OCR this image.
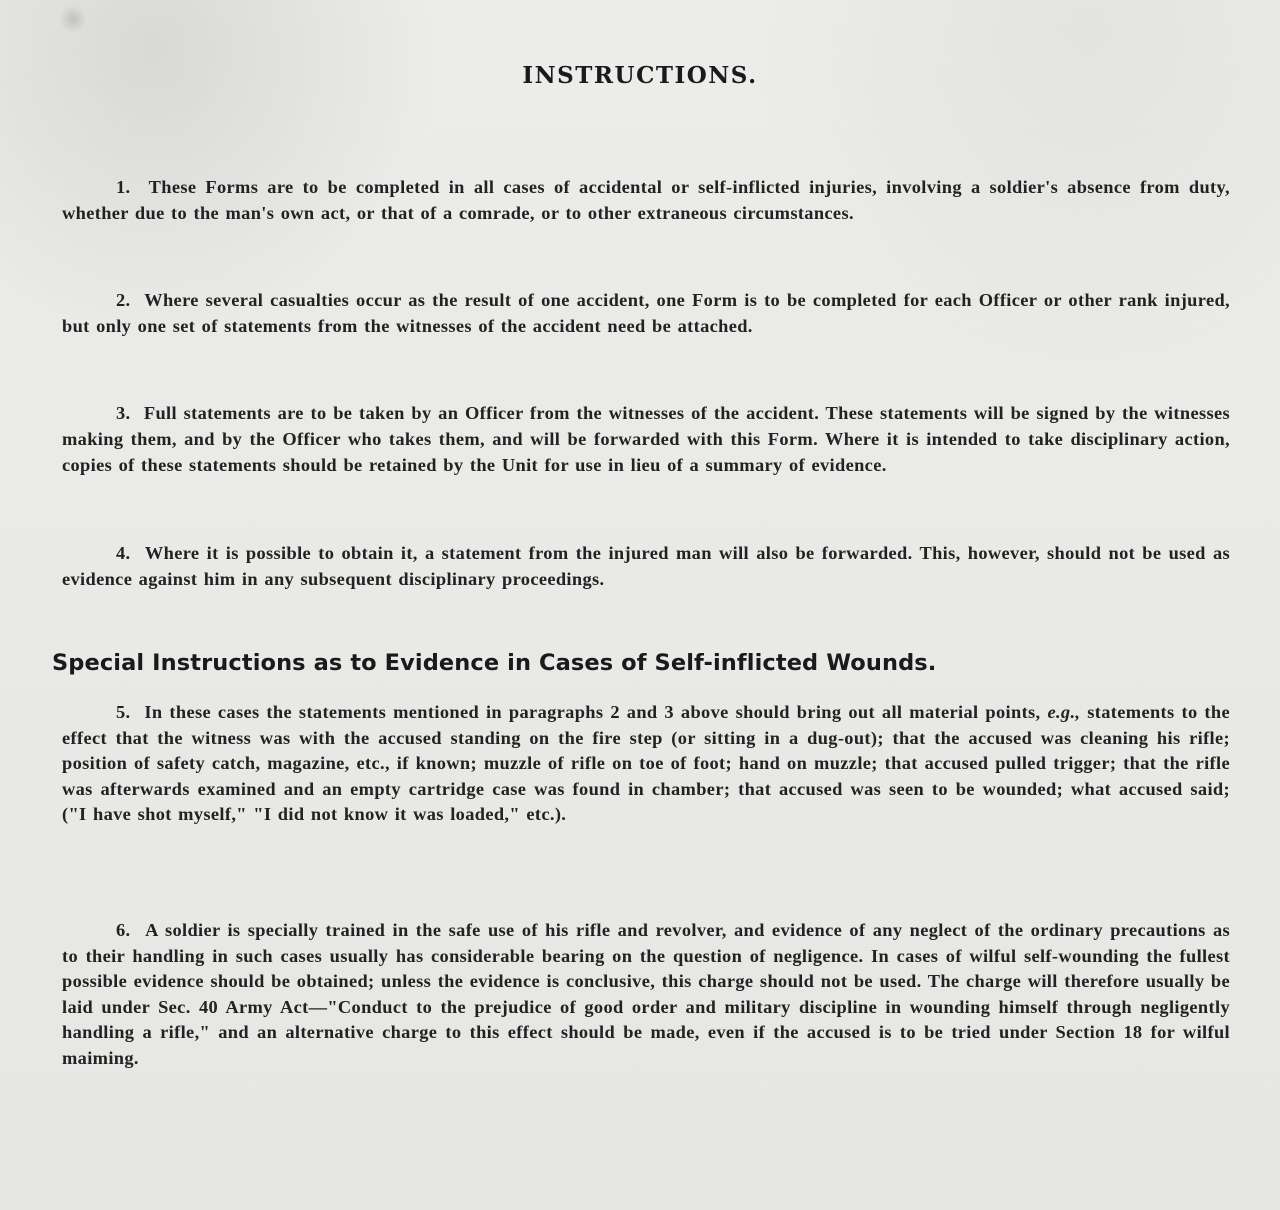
INSTRUCTIONS.

1. These Forms are to be completed in all cases of accidental or self-inflicted injuries, involving a soldier's absence from duty, whether due to the man's own act, or that of a comrade, or to other extraneous circumstances.

2. Where several casualties occur as the result of one accident, one Form is to be completed for each Officer or other rank injured, but only one set of statements from the witnesses of the accident need be attached.

3. Full statements are to be taken by an Officer from the witnesses of the accident. These statements will be signed by the witnesses making them, and by the Officer who takes them, and will be forwarded with this Form. Where it is intended to take disciplinary action, copies of these statements should be retained by the Unit for use in lieu of a summary of evidence.

4. Where it is possible to obtain it, a statement from the injured man will also be forwarded. This, however, should not be used as evidence against him in any subsequent disciplinary proceedings.

Special Instructions as to Evidence in Cases of Self-inflicted Wounds.

5. In these cases the statements mentioned in paragraphs 2 and 3 above should bring out all material points, e.g., statements to the effect that the witness was with the accused standing on the fire step (or sitting in a dug-out); that the accused was cleaning his rifle; position of safety catch, magazine, etc., if known; muzzle of rifle on toe of foot; hand on muzzle; that accused pulled trigger; that the rifle was afterwards examined and an empty cartridge case was found in chamber; that accused was seen to be wounded; what accused said; ("I have shot myself," "I did not know it was loaded," etc.).

6. A soldier is specially trained in the safe use of his rifle and revolver, and evidence of any neglect of the ordinary precautions as to their handling in such cases usually has considerable bearing on the question of negligence. In cases of wilful self-wounding the fullest possible evidence should be obtained; unless the evidence is conclusive, this charge should not be used. The charge will therefore usually be laid under Sec. 40 Army Act—"Conduct to the prejudice of good order and military discipline in wounding himself through negligently handling a rifle," and an alternative charge to this effect should be made, even if the accused is to be tried under Section 18 for wilful maiming.
